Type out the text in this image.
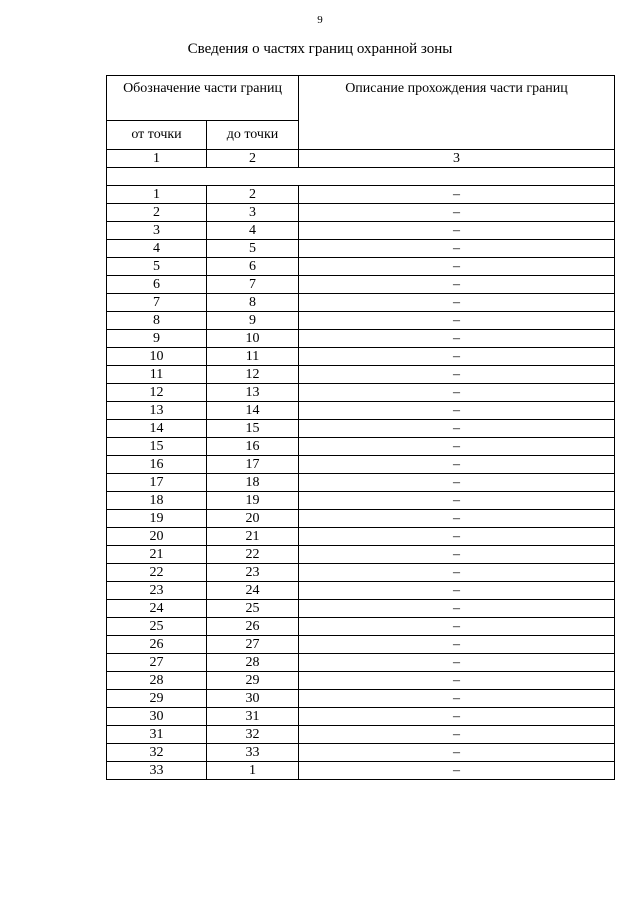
9
Сведения о частях границ охранной зоны
Обозначение части границ		Описание прохождения части границ
от точки	до точки	
1	2	3

1	2	–
2	3	–
3	4	–
4	5	–
5	6	–
6	7	–
7	8	–
8	9	–
9	10	–
10	11	–
11	12	–
12	13	–
13	14	–
14	15	–
15	16	–
16	17	–
17	18	–
18	19	–
19	20	–
20	21	–
21	22	–
22	23	–
23	24	–
24	25	–
25	26	–
26	27	–
27	28	–
28	29	–
29	30	–
30	31	–
31	32	–
32	33	–
33	1	–
